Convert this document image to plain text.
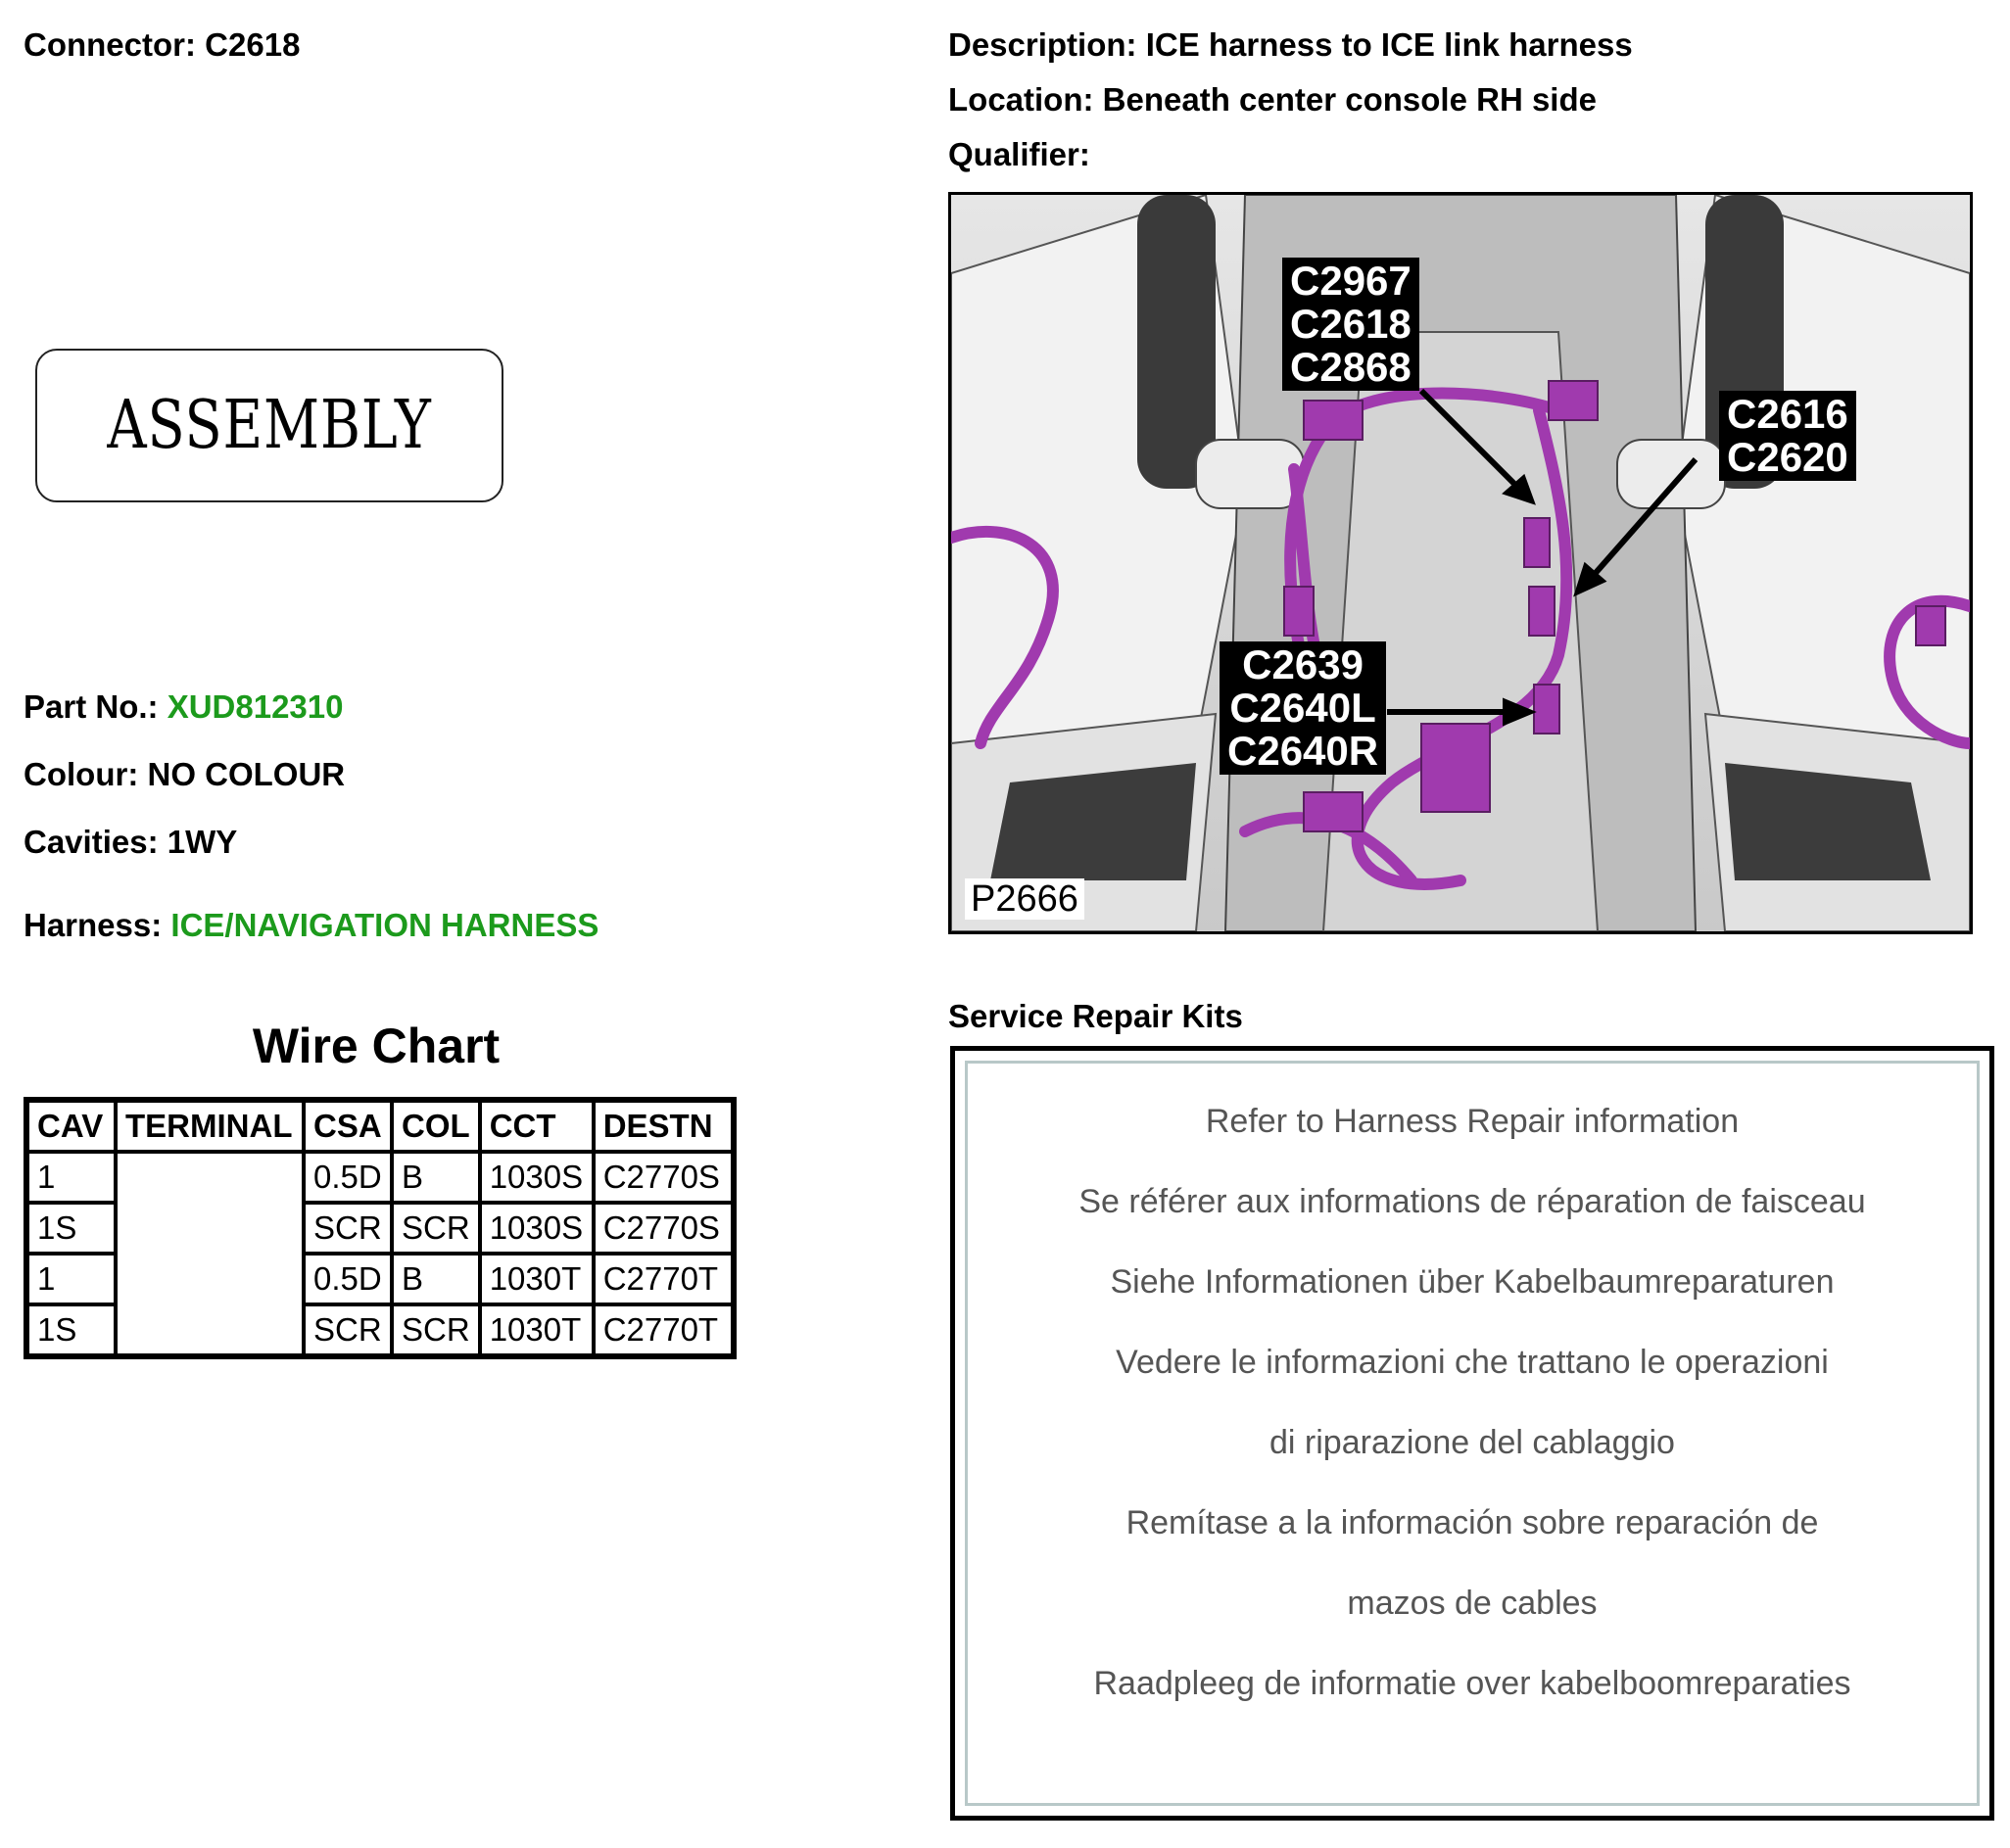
Connector: C2618	Description: ICE harness to ICE link harness
Location: Beneath center console RH side
Qualifier:
ASSEMBLY
Part No.: XUD812310
Colour: NO COLOUR
Cavities: 1WY
Harness: ICE/NAVIGATION HARNESS
Wire Chart
CAV	TERMINAL	CSA	COL	CCT	DESTN
1		0.5D	B	1030S	C2770S
1S		SCR	SCR	1030S	C2770S
1		0.5D	B	1030T	C2770T
1S		SCR	SCR	1030T	C2770T
C2967
C2618
C2868
C2616
C2620
C2639
C2640L
C2640R
P2666
Service Repair Kits
Refer to Harness Repair information
Se référer aux informations de réparation de faisceau
Siehe Informationen über Kabelbaumreparaturen
Vedere le informazioni che trattano le operazioni
di riparazione del cablaggio
Remítase a la información sobre reparación de
mazos de cables
Raadpleeg de informatie over kabelboomreparaties
